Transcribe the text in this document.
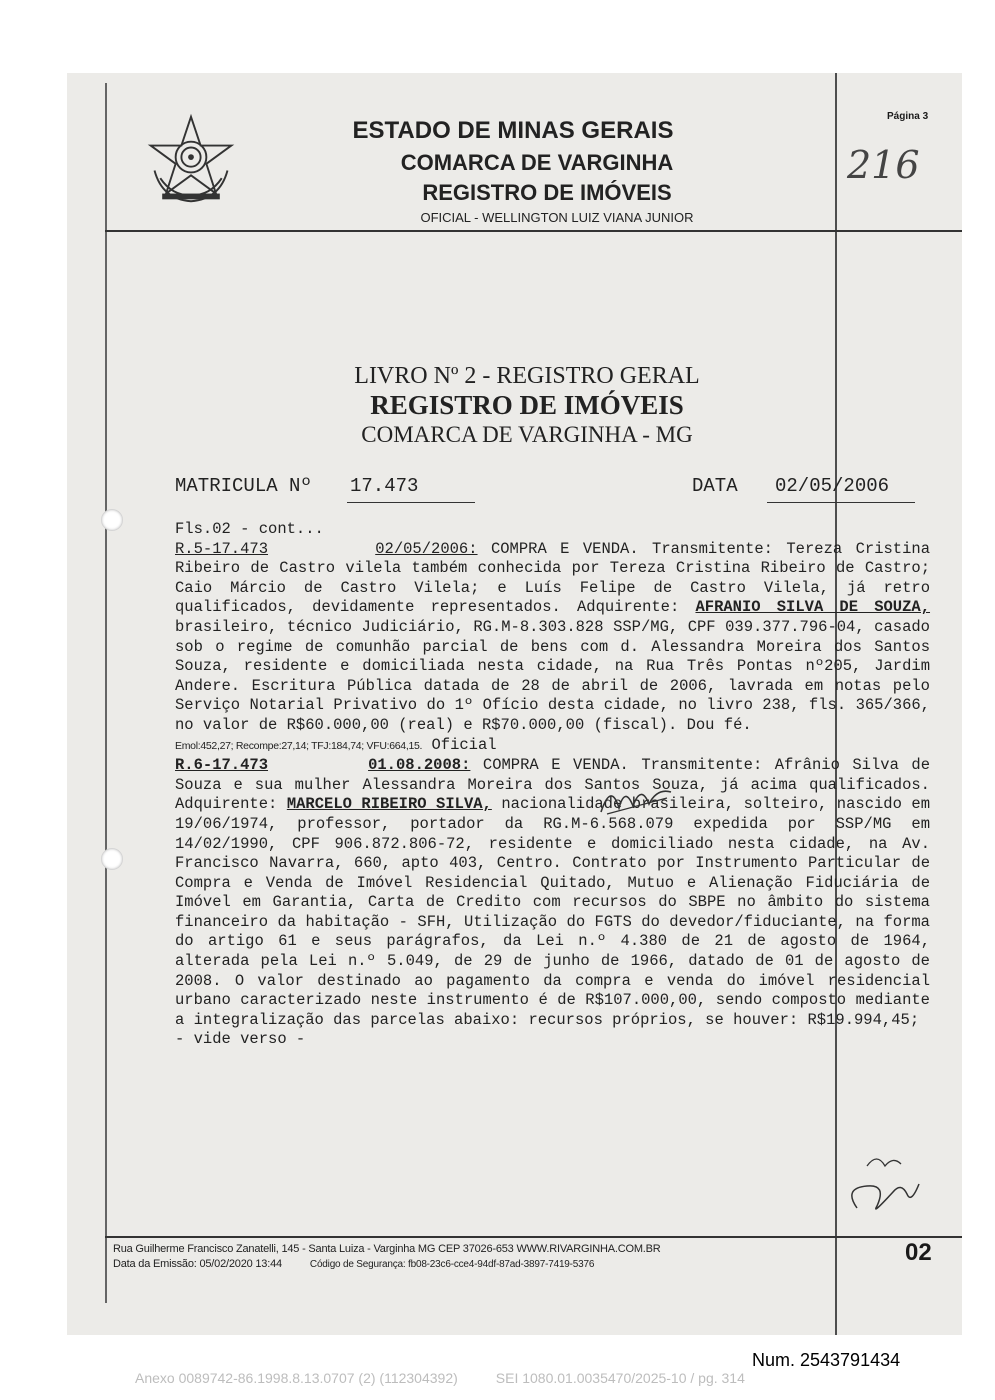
ESTADO DE MINAS GERAIS
COMARCA DE VARGINHA
REGISTRO DE IMÓVEIS
OFICIAL - WELLINGTON LUIZ VIANA JUNIOR
Página 3
216
LIVRO Nº 2 - REGISTRO GERAL
REGISTRO DE IMÓVEIS
COMARCA DE VARGINHA - MG
MATRICULA Nº 17.473	DATA 02/05/2006

Fls.02 - cont...

R.5-17.473	02/05/2006: COMPRA E VENDA. Transmitente: Tereza Cristina Ribeiro de Castro vilela também conhecida por Tereza Cristina Ribeiro de Castro; Caio Márcio de Castro Vilela; e Luís Felipe de Castro Vilela, já retro qualificados, devidamente representados. Adquirente: AFRANIO SILVA DE SOUZA, brasileiro, técnico Judiciário, RG.M-8.303.828 SSP/MG, CPF 039.377.796-04, casado sob o regime de comunhão parcial de bens com d. Alessandra Moreira dos Santos Souza, residente e domiciliada nesta cidade, na Rua Três Pontas nº205, Jardim Andere. Escritura Pública datada de 28 de abril de 2006, lavrada em notas pelo Serviço Notarial Privativo do 1º Ofício desta cidade, no livro 238, fls. 365/366, no valor de R$60.000,00 (real) e R$70.000,00 (fiscal). Dou fé.

Emol:452,27; Recompe:27,14; TFJ:184,74; VFU:664,15. Oficial

R.6-17.473	01.08.2008: COMPRA E VENDA. Transmitente: Afrânio Silva de Souza e sua mulher Alessandra Moreira dos Santos Souza, já acima qualificados. Adquirente: MARCELO RIBEIRO SILVA, nacionalidade brasileira, solteiro, nascido em 19/06/1974, professor, portador da RG.M-6.568.079 expedida por SSP/MG em 14/02/1990, CPF 906.872.806-72, residente e domiciliado nesta cidade, na Av. Francisco Navarra, 660, apto 403, Centro. Contrato por Instrumento Particular de Compra e Venda de Imóvel Residencial Quitado, Mutuo e Alienação Fiduciária de Imóvel em Garantia, Carta de Credito com recursos do SBPE no âmbito do sistema financeiro da habitação - SFH, Utilização do FGTS do devedor/fiduciante, na forma do artigo 61 e seus parágrafos, da Lei n.º 4.380 de 21 de agosto de 1964, alterada pela Lei n.º 5.049, de 29 de junho de 1966, datado de 01 de agosto de 2008. O valor destinado ao pagamento da compra e venda do imóvel residencial urbano caracterizado neste instrumento é de R$107.000,00, sendo composto mediante a integralização das parcelas abaixo: recursos próprios, se houver: R$19.994,45;

- vide verso -

Rua Guilherme Francisco Zanatelli, 145 - Santa Luiza - Varginha MG CEP 37026-653 WWW.RIVARGINHA.COM.BR
Data da Emissão: 05/02/2020 13:44	Código de Segurança: fb08-23c6-cce4-94df-87ad-3897-7419-5376	02
Num. 2543791434
Anexo 0089742-86.1998.8.13.0707 (2) (112304392)	SEI 1080.01.0035470/2025-10 / pg. 314
